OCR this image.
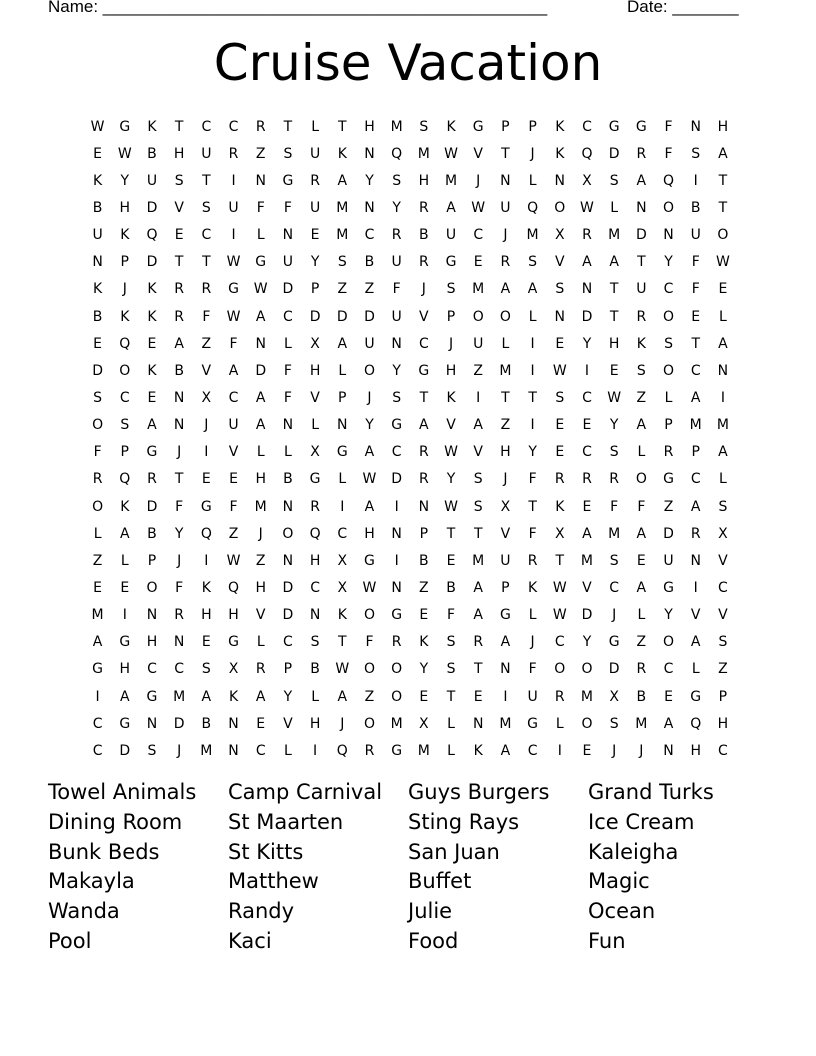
Name: _______________________________________________	Date: _______
Cruise Vacation
W	G	K	T	C	C	R	T	L	T	H	M	S	K	G	P	P	K	C	G	G	F	N	H
E	W	B	H	U	R	Z	S	U	K	N	Q	M	W	V	T	J	K	Q	D	R	F	S	A
K	Y	U	S	T	I	N	G	R	A	Y	S	H	M	J	N	L	N	X	S	A	Q	I	T
B	H	D	V	S	U	F	F	U	M	N	Y	R	A	W	U	Q	O	W	L	N	O	B	T
U	K	Q	E	C	I	L	N	E	M	C	R	B	U	C	J	M	X	R	M	D	N	U	O
N	P	D	T	T	W	G	U	Y	S	B	U	R	G	E	R	S	V	A	A	T	Y	F	W
K	J	K	R	R	G	W	D	P	Z	Z	F	J	S	M	A	A	S	N	T	U	C	F	E
B	K	K	R	F	W	A	C	D	D	D	U	V	P	O	O	L	N	D	T	R	O	E	L
E	Q	E	A	Z	F	N	L	X	A	U	N	C	J	U	L	I	E	Y	H	K	S	T	A
D	O	K	B	V	A	D	F	H	L	O	Y	G	H	Z	M	I	W	I	E	S	O	C	N
S	C	E	N	X	C	A	F	V	P	J	S	T	K	I	T	T	S	C	W	Z	L	A	I
O	S	A	N	J	U	A	N	L	N	Y	G	A	V	A	Z	I	E	E	Y	A	P	M	M
F	P	G	J	I	V	L	L	X	G	A	C	R	W	V	H	Y	E	C	S	L	R	P	A
R	Q	R	T	E	E	H	B	G	L	W	D	R	Y	S	J	F	R	R	R	O	G	C	L
O	K	D	F	G	F	M	N	R	I	A	I	N	W	S	X	T	K	E	F	F	Z	A	S
L	A	B	Y	Q	Z	J	O	Q	C	H	N	P	T	T	V	F	X	A	M	A	D	R	X
Z	L	P	J	I	W	Z	N	H	X	G	I	B	E	M	U	R	T	M	S	E	U	N	V
E	E	O	F	K	Q	H	D	C	X	W	N	Z	B	A	P	K	W	V	C	A	G	I	C
M	I	N	R	H	H	V	D	N	K	O	G	E	F	A	G	L	W	D	J	L	Y	V	V
A	G	H	N	E	G	L	C	S	T	F	R	K	S	R	A	J	C	Y	G	Z	O	A	S
G	H	C	C	S	X	R	P	B	W	O	O	Y	S	T	N	F	O	O	D	R	C	L	Z
I	A	G	M	A	K	A	Y	L	A	Z	O	E	T	E	I	U	R	M	X	B	E	G	P
C	G	N	D	B	N	E	V	H	J	O	M	X	L	N	M	G	L	O	S	M	A	Q	H
C	D	S	J	M	N	C	L	I	Q	R	G	M	L	K	A	C	I	E	J	J	N	H	C
Towel Animals	Camp Carnival	Guys Burgers	Grand Turks
Dining Room	St Maarten	Sting Rays	Ice Cream
Bunk Beds	St Kitts	San Juan	Kaleigha
Makayla	Matthew	Buffet	Magic
Wanda	Randy	Julie	Ocean
Pool	Kaci	Food	Fun
